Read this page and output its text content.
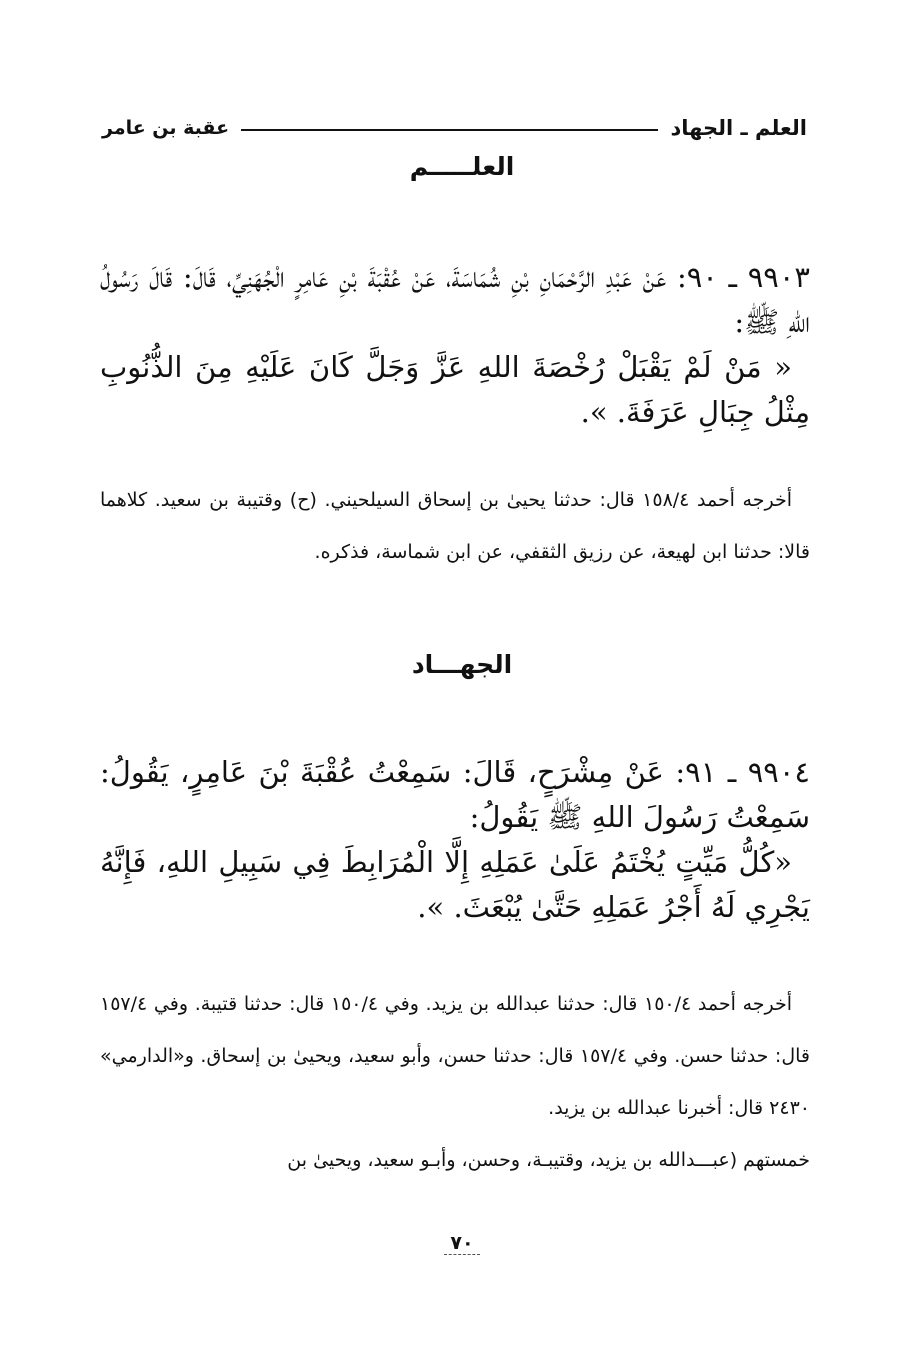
العلم ـ الجهاد
عقبة بن عامر
العلـــــم

٩٩٠٣ ـ ٩٠: عَنْ عَبْدِ الرَّحْمَانِ بْنِ شُمَاسَةَ، عَنْ عُقْبَةَ بْنِ عَامِرٍ الْجُهَنِيِّ، قَالَ: قَالَ رَسُولُ اللهِ ﷺ:

« مَنْ لَمْ يَقْبَلْ رُخْصَةَ اللهِ عَزَّ وَجَلَّ كَانَ عَلَيْهِ مِنَ الذُّنُوبِ مِثْلُ جِبَالِ عَرَفَةَ. ».

أخرجه أحمد ١٥٨/٤ قال: حدثنا يحيىٰ بن إسحاق السيلحيني. (ح) وقتيبة بن سعيد. كلاهما قالا: حدثنا ابن لهيعة، عن رزيق الثقفي، عن ابن شماسة، فذكره.

الجهـــاد

٩٩٠٤ ـ ٩١: عَنْ مِشْرَحٍ، قَالَ: سَمِعْتُ عُقْبَةَ بْنَ عَامِرٍ، يَقُولُ: سَمِعْتُ رَسُولَ اللهِ ﷺ يَقُولُ:

«كُلُّ مَيِّتٍ يُخْتَمُ عَلَىٰ عَمَلِهِ إِلَّا الْمُرَابِطَ فِي سَبِيلِ اللهِ، فَإِنَّهُ يَجْرِي لَهُ أَجْرُ عَمَلِهِ حَتَّىٰ يُبْعَثَ. ».

أخرجه أحمد ١٥٠/٤ قال: حدثنا عبدالله بن يزيد. وفي ١٥٠/٤ قال: حدثنا قتيبة. وفي ١٥٧/٤ قال: حدثنا حسن. وفي ١٥٧/٤ قال: حدثنا حسن، وأبو سعيد، ويحيىٰ بن إسحاق. و«الدارمي» ٢٤٣٠ قال: أخبرنا عبدالله بن يزيد.

خمستهم (عبـــدالله بن يزيد، وقتيبـة، وحسن، وأبـو سعيد، ويحيىٰ بن

٧٠
